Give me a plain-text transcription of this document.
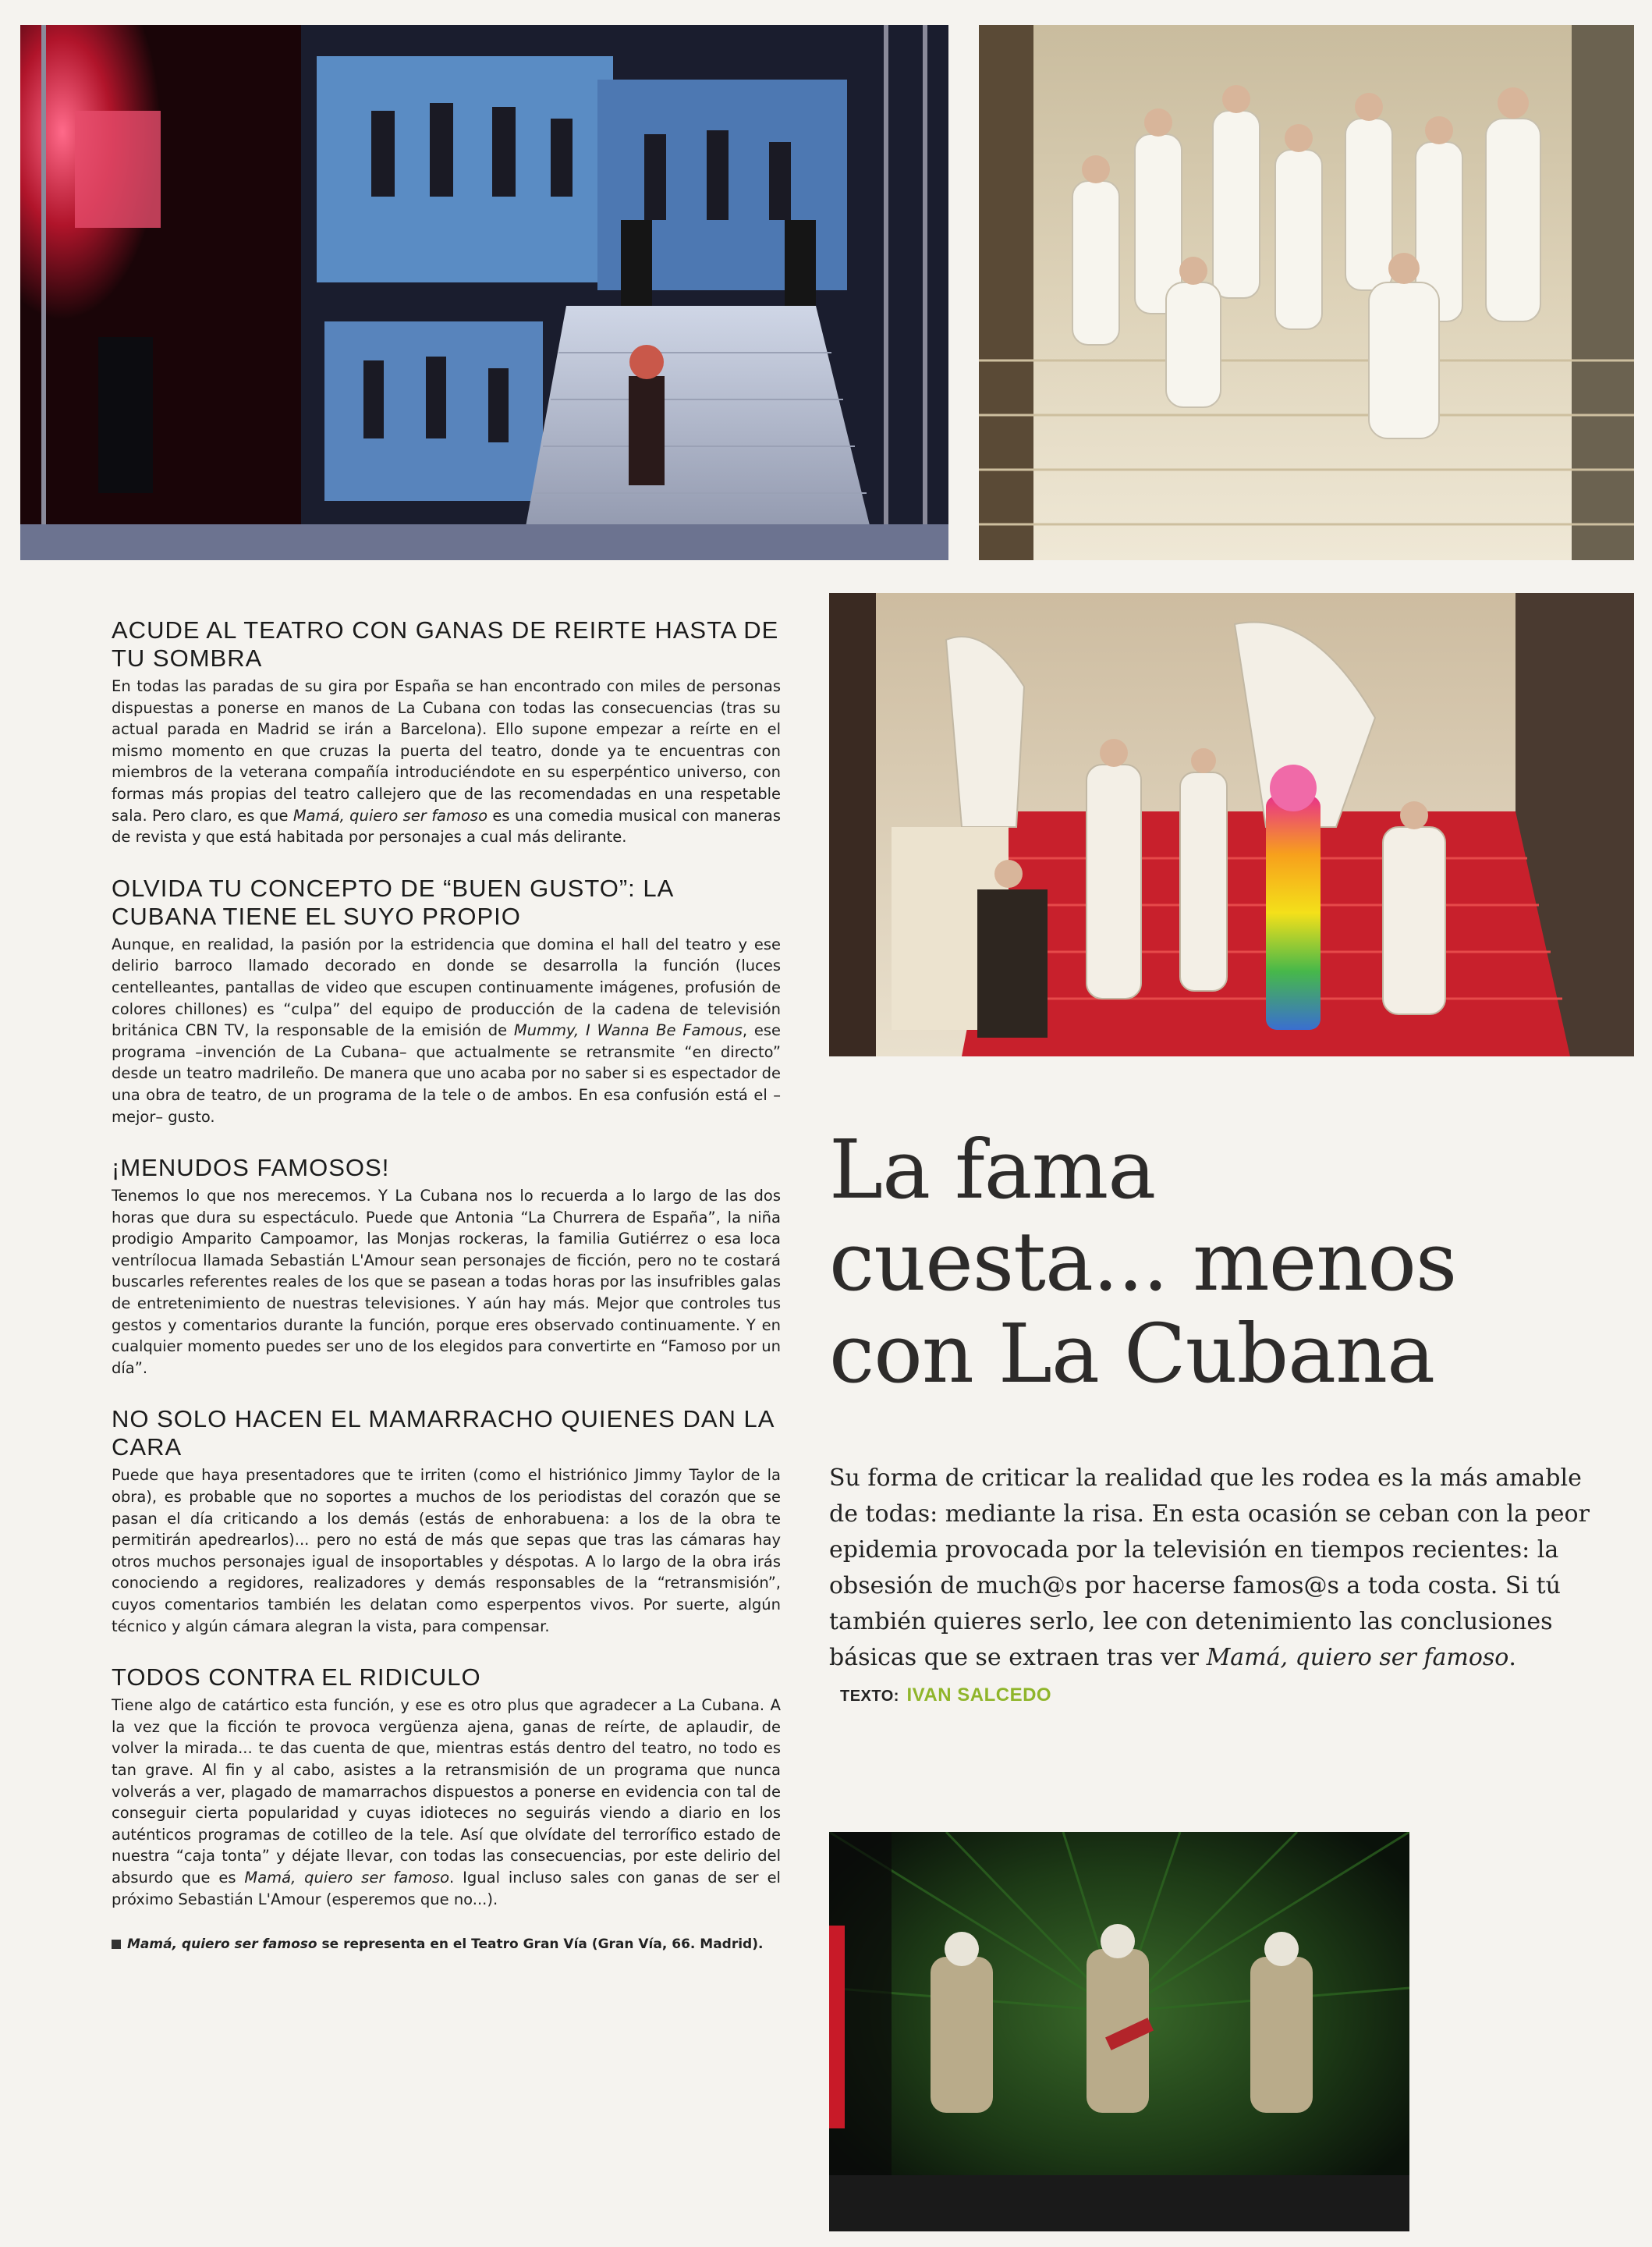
ACUDE AL TEATRO CON GANAS DE REIRTE HASTA DE TU SOMBRA

En todas las paradas de su gira por España se han encontrado con miles de personas dispuestas a ponerse en manos de La Cubana con todas las consecuencias (tras su actual parada en Madrid se irán a Barcelona). Ello supone empezar a reírte en el mismo momento en que cruzas la puerta del teatro, donde ya te encuentras con miembros de la veterana compañía introduciéndote en su esperpéntico universo, con formas más propias del teatro callejero que de las recomendadas en una respetable sala. Pero claro, es que Mamá, quiero ser famoso es una comedia musical con maneras de revista y que está habitada por personajes a cual más delirante.

OLVIDA TU CONCEPTO DE “BUEN GUSTO”: LA CUBANA TIENE EL SUYO PROPIO

Aunque, en realidad, la pasión por la estridencia que domina el hall del teatro y ese delirio barroco llamado decorado en donde se desarrolla la función (luces centelleantes, pantallas de video que escupen continuamente imágenes, profusión de colores chillones) es “culpa” del equipo de producción de la cadena de televisión británica CBN TV, la responsable de la emisión de Mummy, I Wanna Be Famous, ese programa –invención de La Cubana– que actualmente se retransmite “en directo” desde un teatro madrileño. De manera que uno acaba por no saber si es espectador de una obra de teatro, de un programa de la tele o de ambos. En esa confusión está el –mejor– gusto.

¡MENUDOS FAMOSOS!

Tenemos lo que nos merecemos. Y La Cubana nos lo recuerda a lo largo de las dos horas que dura su espectáculo. Puede que Antonia “La Churrera de España”, la niña prodigio Amparito Campoamor, las Monjas rockeras, la familia Gutiérrez o esa loca ventrílocua llamada Sebastián L'Amour sean personajes de ficción, pero no te costará buscarles referentes reales de los que se pasean a todas horas por las insufribles galas de entretenimiento de nuestras televisiones. Y aún hay más. Mejor que controles tus gestos y comentarios durante la función, porque eres observado continuamente. Y en cualquier momento puedes ser uno de los elegidos para convertirte en “Famoso por un día”.

NO SOLO HACEN EL MAMARRACHO QUIENES DAN LA CARA

Puede que haya presentadores que te irriten (como el histriónico Jimmy Taylor de la obra), es probable que no soportes a muchos de los periodistas del corazón que se pasan el día criticando a los demás (estás de enhorabuena: a los de la obra te permitirán apedrearlos)... pero no está de más que sepas que tras las cámaras hay otros muchos personajes igual de insoportables y déspotas. A lo largo de la obra irás conociendo a regidores, realizadores y demás responsables de la “retransmisión”, cuyos comentarios también les delatan como esperpentos vivos. Por suerte, algún técnico y algún cámara alegran la vista, para compensar.

TODOS CONTRA EL RIDICULO

Tiene algo de catártico esta función, y ese es otro plus que agradecer a La Cubana. A la vez que la ficción te provoca vergüenza ajena, ganas de reírte, de aplaudir, de volver la mirada... te das cuenta de que, mientras estás dentro del teatro, no todo es tan grave. Al fin y al cabo, asistes a la retransmisión de un programa que nunca volverás a ver, plagado de mamarrachos dispuestos a ponerse en evidencia con tal de conseguir cierta popularidad y cuyas idioteces no seguirás viendo a diario en los auténticos programas de cotilleo de la tele. Así que olvídate del terrorífico estado de nuestra “caja tonta” y déjate llevar, con todas las consecuencias, por este delirio del absurdo que es Mamá, quiero ser famoso. Igual incluso sales con ganas de ser el próximo Sebastián L'Amour (esperemos que no...).

Mamá, quiero ser famoso se representa en el Teatro Gran Vía (Gran Vía, 66. Madrid).
La fama
cuesta... menos
con La Cubana

Su forma de criticar la realidad que les rodea es la más amable de todas: mediante la risa. En esta ocasión se ceban con la peor epidemia provocada por la televisión en tiempos recientes: la obsesión de much@s por hacerse famos@s a toda costa. Si tú también quieres serlo, lee con detenimiento las conclusiones básicas que se extraen tras ver Mamá, quiero ser famoso. TEXTO: IVAN SALCEDO
